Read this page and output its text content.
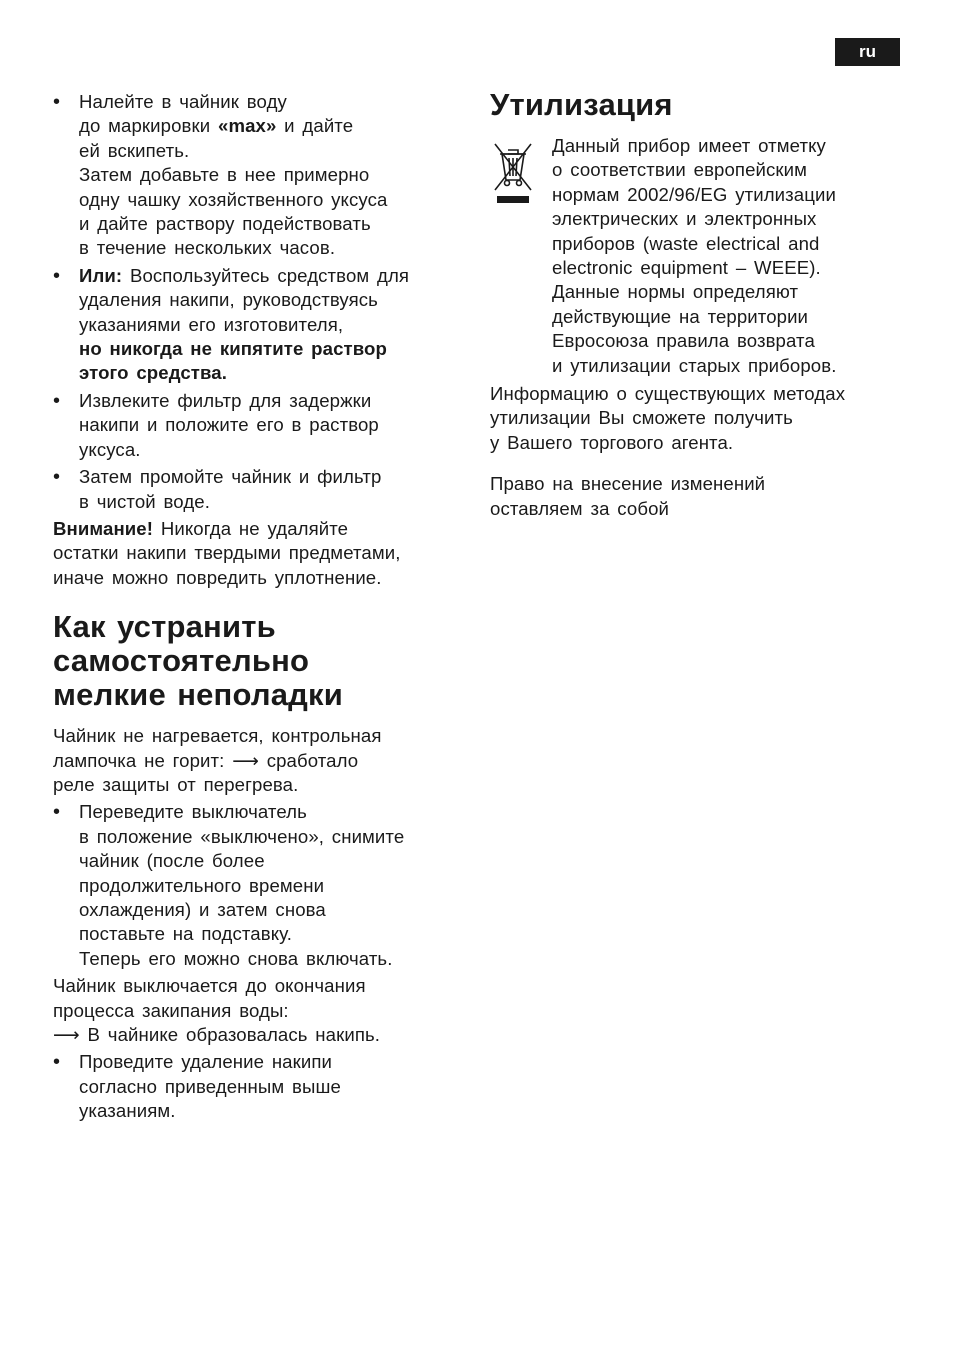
ru
• Налейте в чайник воду
до маркировки «max» и дайте
ей вскипеть.
Затем добавьте в нее примерно
одну чашку хозяйственного уксуса
и дайте раствору подействовать
в течение нескольких часов.
• Или: Воспользуйтесь средством для
удаления накипи, руководствуясь
указаниями его изготовителя,
но никогда не кипятите раствор
этого средства.
• Извлеките фильтр для задержки
накипи и положите его в раствор
уксуса.
• Затем промойте чайник и фильтр
в чистой воде.
Внимание! Никогда не удаляйте
остатки накипи твердыми предметами,
иначе можно повредить уплотнение.
Как устранить
самостоятельно
мелкие неполадки
Чайник не нагревается, контрольная
лампочка не горит: ⟶ сработало
реле защиты от перегрева.
• Переведите выключатель
в положение «выключено», снимите
чайник (после более
продолжительного времени
охлаждения) и затем снова
поставьте на подставку.
Теперь его можно снова включать.
Чайник выключается до окончания
процесса закипания воды:
⟶ В чайнике образовалась накипь.
• Проведите удаление накипи
согласно приведенным выше
указаниям.
Утилизация
Данный прибор имеет отметку
о соответствии европейским
нормам 2002/96/EG утилизации
электрических и электронных
приборов (waste electrical and
electronic equipment – WEEE).
Данные нормы определяют
действующие на территории
Евросоюза правила возврата
и утилизации старых приборов.
Информацию о существующих методах
утилизации Вы сможете получить
у Вашего торгового агента.
Право на внесение изменений
оставляем за собой
